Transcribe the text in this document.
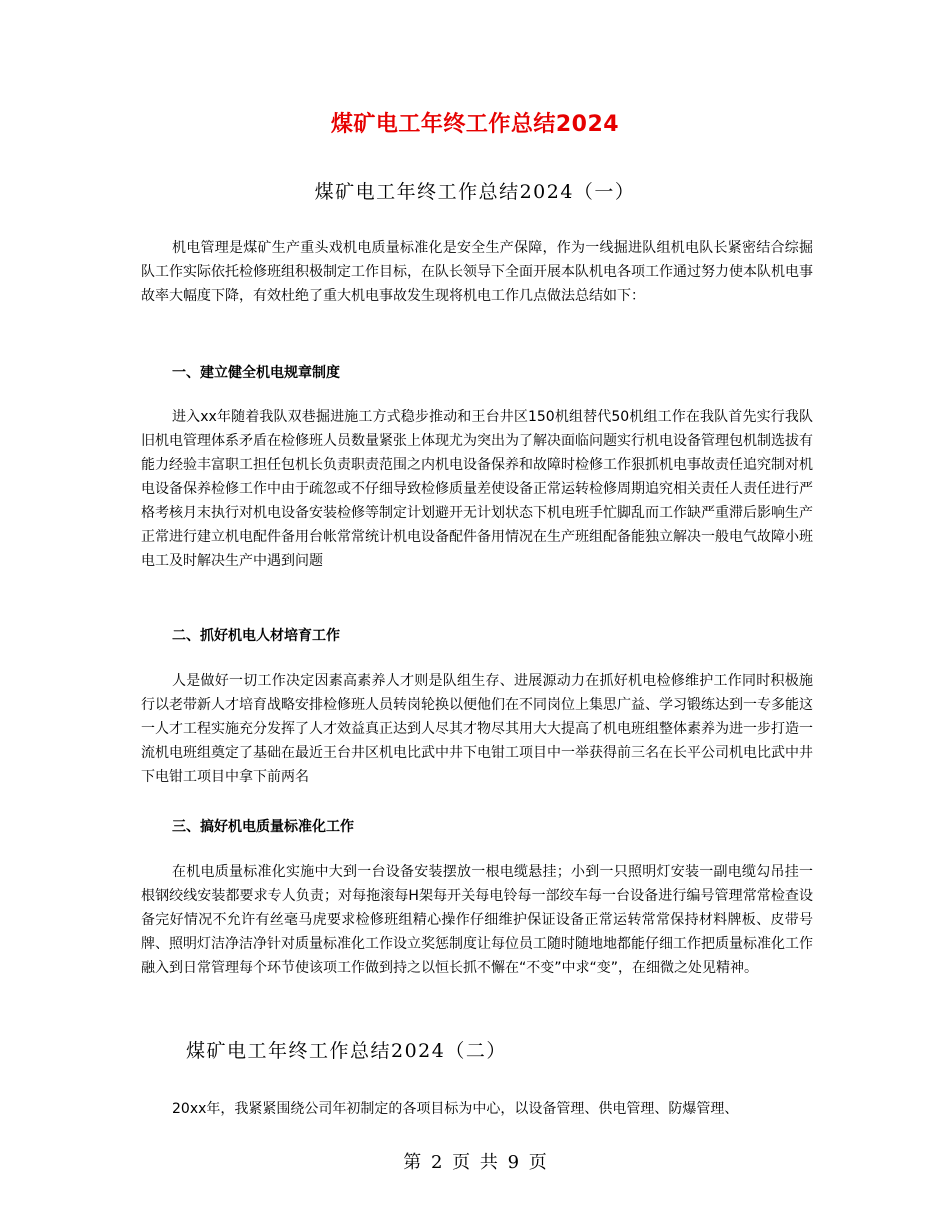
煤矿电工年终工作总结2024
煤矿电工年终工作总结2024（一）

机电管理是煤矿生产重头戏机电质量标准化是安全生产保障，作为一线掘进队组机电队长紧密结合综掘队工作实际依托检修班组积极制定工作目标，在队长领导下全面开展本队机电各项工作通过努力使本队机电事故率大幅度下降，有效杜绝了重大机电事故发生现将机电工作几点做法总结如下：

一、建立健全机电规章制度

进入xx年随着我队双巷掘进施工方式稳步推动和王台井区150机组替代50机组工作在我队首先实行我队旧机电管理体系矛盾在检修班人员数量紧张上体现尤为突出为了解决面临问题实行机电设备管理包机制选拔有能力经验丰富职工担任包机长负责职责范围之内机电设备保养和故障时检修工作狠抓机电事故责任追究制对机电设备保养检修工作中由于疏忽或不仔细导致检修质量差使设备正常运转检修周期追究相关责任人责任进行严格考核月末执行对机电设备安装检修等制定计划避开无计划状态下机电班手忙脚乱而工作缺严重滞后影响生产正常进行建立机电配件备用台帐常常统计机电设备配件备用情况在生产班组配备能独立解决一般电气故障小班电工及时解决生产中遇到问题

二、抓好机电人材培育工作

人是做好一切工作决定因素高素养人才则是队组生存、进展源动力在抓好机电检修维护工作同时积极施行以老带新人才培育战略安排检修班人员转岗轮换以便他们在不同岗位上集思广益、学习锻练达到一专多能这一人才工程实施充分发挥了人才效益真正达到人尽其才物尽其用大大提高了机电班组整体素养为进一步打造一流机电班组奠定了基础在最近王台井区机电比武中井下电钳工项目中一举获得前三名在长平公司机电比武中井下电钳工项目中拿下前两名

三、搞好机电质量标准化工作

在机电质量标准化实施中大到一台设备安装摆放一根电缆悬挂；小到一只照明灯安装一副电缆勾吊挂一根钢绞线安装都要求专人负责；对每拖滚每H架每开关每电铃每一部绞车每一台设备进行编号管理常常检查设备完好情况不允许有丝毫马虎要求检修班组精心操作仔细维护保证设备正常运转常常保持材料牌板、皮带号牌、照明灯洁净洁净针对质量标准化工作设立奖惩制度让每位员工随时随地地都能仔细工作把质量标准化工作融入到日常管理每个环节使该项工作做到持之以恒长抓不懈在“不变”中求“变”，在细微之处见精神。

煤矿电工年终工作总结2024（二）

20xx年，我紧紧围绕公司年初制定的各项目标为中心，以设备管理、供电管理、防爆管理、

第 2 页 共 9 页
